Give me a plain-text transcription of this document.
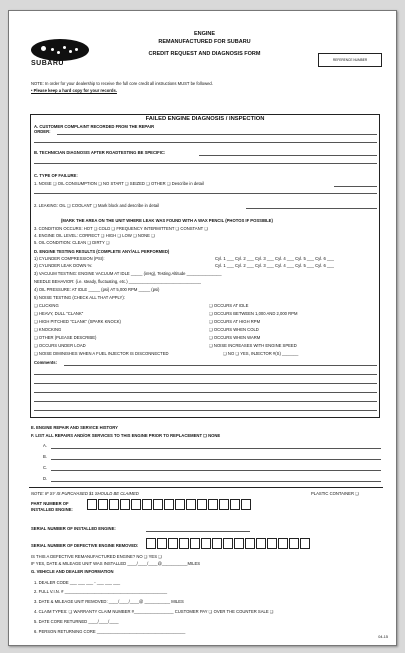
SUBARU
ENGINE
REMANUFACTURED FOR SUBARU
CREDIT REQUEST AND DIAGNOSIS FORM
REFERENCE NUMBER
NOTE: In order for your dealership to receive the full core credit all instructions MUST be followed.
• Please keep a hard copy for your records.
FAILED ENGINE DIAGNOSIS / INSPECTION
A. CUSTOMER COMPLAINT RECORDED FROM THE REPAIR
ORDER:
B. TECHNICIAN DIAGNOSIS AFTER ROADTESTING BE SPECIFIC:
C. TYPE OF FAILURE:
1. NOISE ❑ OIL CONSUMPTION ❑ NO START ❑ SEIZED ❑ OTHER ❑ Describe in detail
2. LEAKING: OIL ❑ COOLANT ❑ Mark block and describe in detail
(MARK THE AREA ON THE UNIT WHERE LEAK WAS FOUND WITH A WAX PENCIL (PHOTOS IF POSSIBLE)
3. CONDITION OCCURS: HOT ❑ COLD ❑ FREQUENCY INTERMITTENT ❑ CONSTANT ❑
4. ENGINE OIL LEVEL: CORRECT ❑ HIGH ❑ LOW ❑ NONE ❑
5. OIL CONDITION: CLEAN ❑ DIRTY ❑
D. ENGINE TESTING RESULTS (COMPLETE ANY/ALL PERFORMED)
1) CYLINDER COMPRESSION (PSI):	Cyl. 1 ___ Cyl. 2 ___ Cyl. 3 ___ Cyl. 4 ___ Cyl. 5 ___ Cyl. 6 ___
2) CYLINDER LEAK DOWN %:	Cyl. 1 ___ Cyl. 2 ___ Cyl. 3 ___ Cyl. 4 ___ Cyl. 5 ___ Cyl. 6 ___
3) VACUUM TESTING: ENGINE VACUUM AT IDLE _____ (inHg), Testing Altitude _______________
NEEDLE BEHAVIOR: (i.e. steady, fluctuating, etc.) _______________________________
4) OIL PRESSURE: AT IDLE _____ (psi) AT 5,000 RPM _____ (psi)
5) NOISE TESTING (CHECK ALL THAT APPLY):
❑ CLICKING
❑ HEAVY, DULL "CLANK"
❑ HIGH PITCHED "CLANK" (SPARK KNOCK)
❑ KNOCKING
❑ OTHER (PLEASE DESCRIBE)
❑ OCCURS UNDER LOAD
❑ NOISE DIMINISHES WHEN A FUEL INJECTOR IS DISCONNECTED
❑ OCCURS AT IDLE
❑ OCCURS BETWEEN 1,000 AND 2,000 RPM
❑ OCCURS AT HIGH RPM
❑ OCCURS WHEN COLD
❑ OCCURS WHEN WARM
❑ NOISE INCREASES WITH ENGINE SPEED
❑ NO ❑ YES, INJECTOR #(S) _______
Comments:
E. ENGINE REPAIR AND SERVICE HISTORY
F. LIST ALL REPAIRS AND/OR SERVICES TO THIS ENGINE PRIOR TO REPLACEMENT ❑ NONE
A.
B.
C.
D.
NOTE: IF SY IS PURCHASED $1 SHOULD BE CLAIMED	PLASTIC CONTAINER ❑
PART NUMBER OF
INSTALLED ENGINE:
SERIAL NUMBER OF INSTALLED ENGINE:
SERIAL NUMBER OF DEFECTIVE ENGINE REMOVED:
IS THIS A DEFECTIVE REMANUFACTURED ENGINE? NO ❑ YES ❑
IF YES, DATE & MILEAGE UNIT WAS INSTALLED ____/____/____@___________MILES
G. VEHICLE AND DEALER INFORMATION
1. DEALER CODE ___ ___ ___ - ___ ___ ___
2. FULL V.I.N. # ____________________________________________
3. DATE & MILEAGE UNIT REMOVED: ____/____/____@ ___________ MILES
4. CLAIM TYPES: ❑ WARRANTY CLAIM NUMBER #_________________ CUSTOMER PAY ❑ OVER THE COUNTER SALE ❑
5. DATE CORE RETURNED ____/____/____
6. PERSON RETURNING CORE ______________________________________
04-15
